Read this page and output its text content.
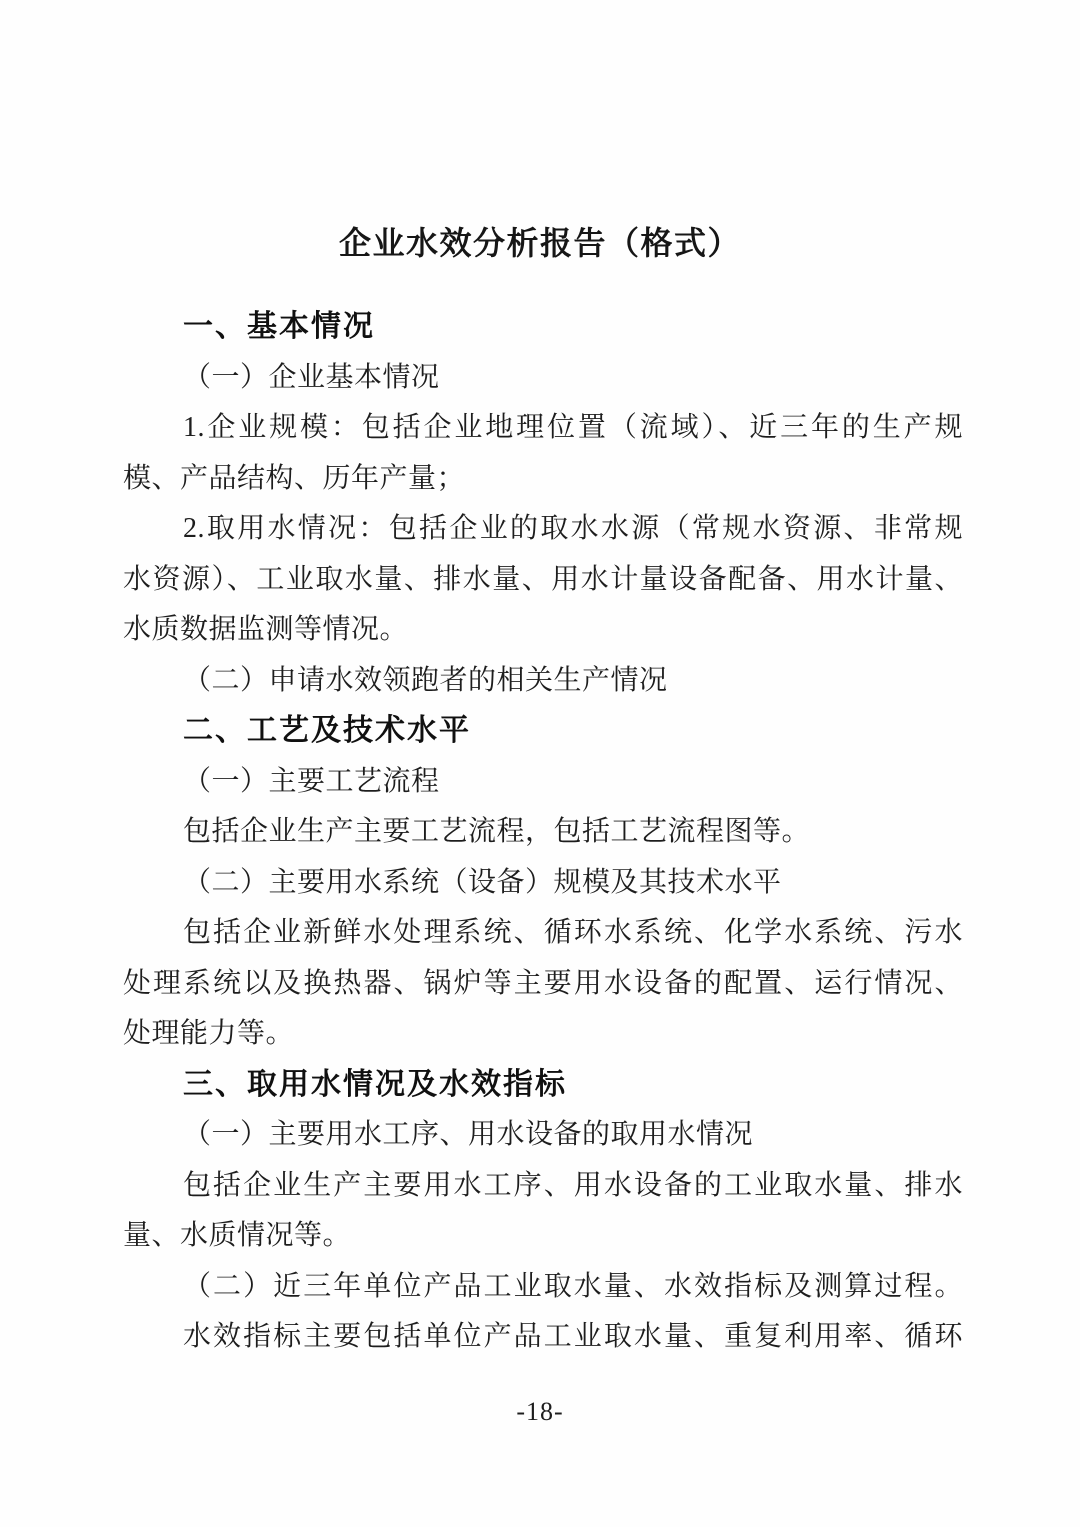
企业水效分析报告（格式）
一、基本情况
（一）企业基本情况
1.企业规模：包括企业地理位置（流域）、近三年的生产规
模、产品结构、历年产量；
2.取用水情况：包括企业的取水水源（常规水资源、非常规
水资源）、工业取水量、排水量、用水计量设备配备、用水计量、
水质数据监测等情况。
（二）申请水效领跑者的相关生产情况
二、工艺及技术水平
（一）主要工艺流程
包括企业生产主要工艺流程，包括工艺流程图等。
（二）主要用水系统（设备）规模及其技术水平
包括企业新鲜水处理系统、循环水系统、化学水系统、污水
处理系统以及换热器、锅炉等主要用水设备的配置、运行情况、
处理能力等。
三、取用水情况及水效指标
（一）主要用水工序、用水设备的取用水情况
包括企业生产主要用水工序、用水设备的工业取水量、排水
量、水质情况等。
（二）近三年单位产品工业取水量、水效指标及测算过程。
水效指标主要包括单位产品工业取水量、重复利用率、循环
-18-
